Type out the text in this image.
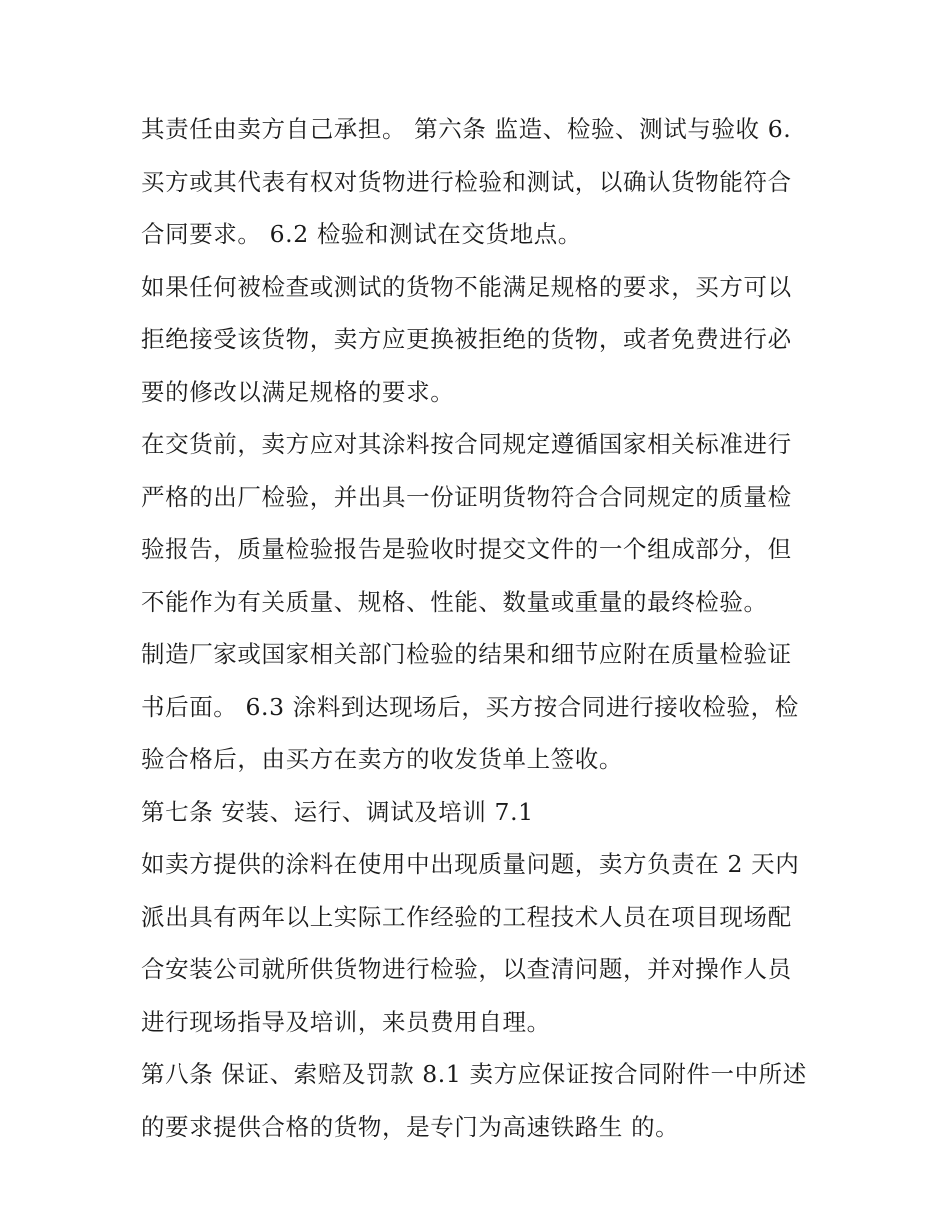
其责任由卖方自己承担。 第六条 监造、检验、测试与验收 6.
买方或其代表有权对货物进行检验和测试，以确认货物能符合
合同要求。 6.2 检验和测试在交货地点。
如果任何被检查或测试的货物不能满足规格的要求，买方可以
拒绝接受该货物，卖方应更换被拒绝的货物，或者免费进行必
要的修改以满足规格的要求。
在交货前，卖方应对其涂料按合同规定遵循国家相关标准进行
严格的出厂检验，并出具一份证明货物符合合同规定的质量检
验报告，质量检验报告是验收时提交文件的一个组成部分，但
不能作为有关质量、规格、性能、数量或重量的最终检验。
制造厂家或国家相关部门检验的结果和细节应附在质量检验证
书后面。 6.3 涂料到达现场后，买方按合同进行接收检验，检
验合格后，由买方在卖方的收发货单上签收。
第七条 安装、运行、调试及培训 7.1
如卖方提供的涂料在使用中出现质量问题，卖方负责在 2 天内
派出具有两年以上实际工作经验的工程技术人员在项目现场配
合安装公司就所供货物进行检验，以查清问题，并对操作人员
进行现场指导及培训，来员费用自理。
第八条 保证、索赔及罚款 8.1 卖方应保证按合同附件一中所述
的要求提供合格的货物，是专门为高速铁路生 的。
